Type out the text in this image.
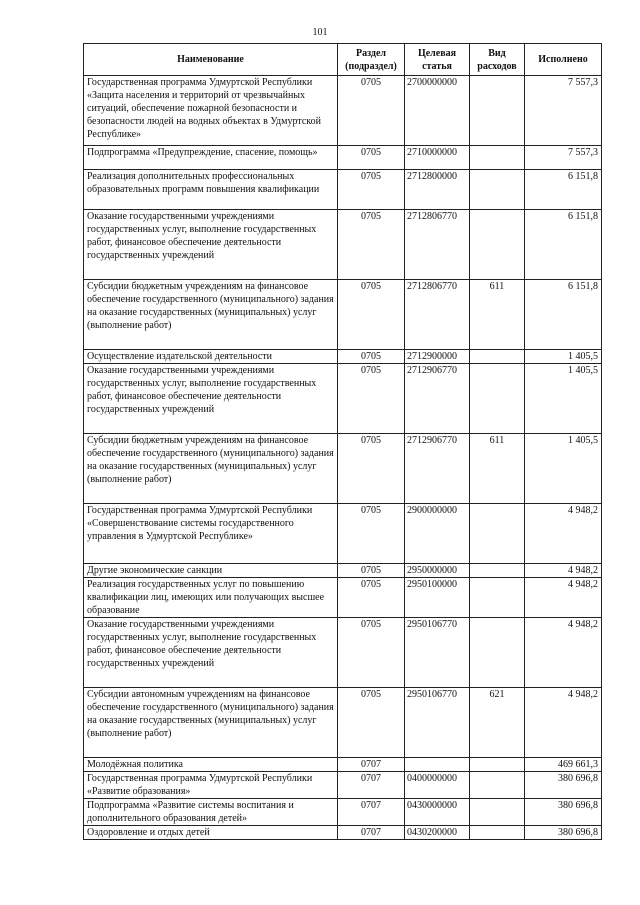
101
Наименование	Раздел (подраздел)	Целевая статья	Вид расходов	Исполнено
Государственная программа Удмуртской Республики «Защита населения и территорий от чрезвычайных ситуаций, обеспечение пожарной безопасности и безопасности людей на водных объектах в Удмуртской Республике»	0705	2700000000		7 557,3
Подпрограмма «Предупреждение, спасение, помощь»	0705	2710000000		7 557,3
Реализация дополнительных профессиональных образовательных программ повышения квалификации	0705	2712800000		6 151,8
Оказание государственными учреждениями государственных услуг, выполнение государственных работ, финансовое обеспечение деятельности государственных учреждений	0705	2712806770		6 151,8
Субсидии бюджетным учреждениям на финансовое обеспечение государственного (муниципального) задания на оказание государственных (муниципальных) услуг (выполнение работ)	0705	2712806770	611	6 151,8
Осуществление издательской деятельности	0705	2712900000		1 405,5
Оказание государственными учреждениями государственных услуг, выполнение государственных работ, финансовое обеспечение деятельности государственных учреждений	0705	2712906770		1 405,5
Субсидии бюджетным учреждениям на финансовое обеспечение государственного (муниципального) задания на оказание государственных (муниципальных) услуг (выполнение работ)	0705	2712906770	611	1 405,5
Государственная программа Удмуртской Республики «Совершенствование системы государственного управления в Удмуртской Республике»	0705	2900000000		4 948,2
Другие экономические санкции	0705	2950000000		4 948,2
Реализация государственных услуг по повышению квалификации лиц, имеющих или получающих высшее образование	0705	2950100000		4 948,2
Оказание государственными учреждениями государственных услуг, выполнение государственных работ, финансовое обеспечение деятельности государственных учреждений	0705	2950106770		4 948,2
Субсидии автономным учреждениям на финансовое обеспечение государственного (муниципального) задания на оказание государственных (муниципальных) услуг (выполнение работ)	0705	2950106770	621	4 948,2
Молодёжная политика	0707			469 661,3
Государственная программа Удмуртской Республики «Развитие образования»	0707	0400000000		380 696,8
Подпрограмма «Развитие системы воспитания и дополнительного образования детей»	0707	0430000000		380 696,8
Оздоровление и отдых детей	0707	0430200000		380 696,8
